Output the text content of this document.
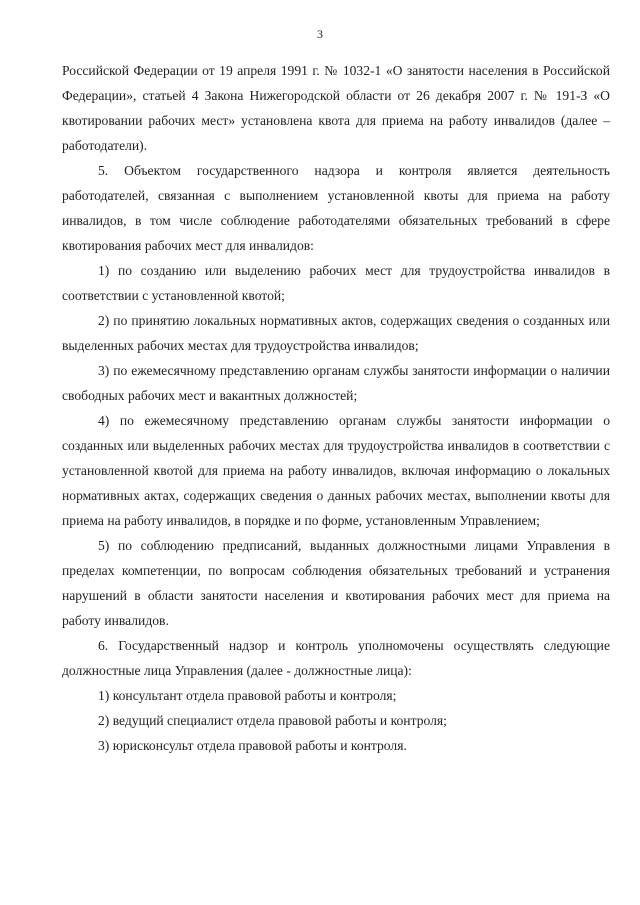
3

Российской Федерации от 19 апреля 1991 г. № 1032-1 «О занятости населения в Российской Федерации», статьей 4 Закона Нижегородской области от 26 декабря 2007 г. № 191-З «О квотировании рабочих мест» установлена квота для приема на работу инвалидов (далее – работодатели).

5. Объектом государственного надзора и контроля является деятельность работодателей, связанная с выполнением установленной квоты для приема на работу инвалидов, в том числе соблюдение работодателями обязательных требований в сфере квотирования рабочих мест для инвалидов:

1) по созданию или выделению рабочих мест для трудоустройства инвалидов в соответствии с установленной квотой;

2) по принятию локальных нормативных актов, содержащих сведения о созданных или выделенных рабочих местах для трудоустройства инвалидов;

3) по ежемесячному представлению органам службы занятости информации о наличии свободных рабочих мест и вакантных должностей;

4) по ежемесячному представлению органам службы занятости информации о созданных или выделенных рабочих местах для трудоустройства инвалидов в соответствии с установленной квотой для приема на работу инвалидов, включая информацию о локальных нормативных актах, содержащих сведения о данных рабочих местах, выполнении квоты для приема на работу инвалидов, в порядке и по форме, установленным Управлением;

5) по соблюдению предписаний, выданных должностными лицами Управления в пределах компетенции, по вопросам соблюдения обязательных требований и устранения нарушений в области занятости населения и квотирования рабочих мест для приема на работу инвалидов.

6. Государственный надзор и контроль уполномочены осуществлять следующие должностные лица Управления (далее - должностные лица):

1) консультант отдела правовой работы и контроля;

2) ведущий специалист отдела правовой работы и контроля;

3) юрисконсульт отдела правовой работы и контроля.
